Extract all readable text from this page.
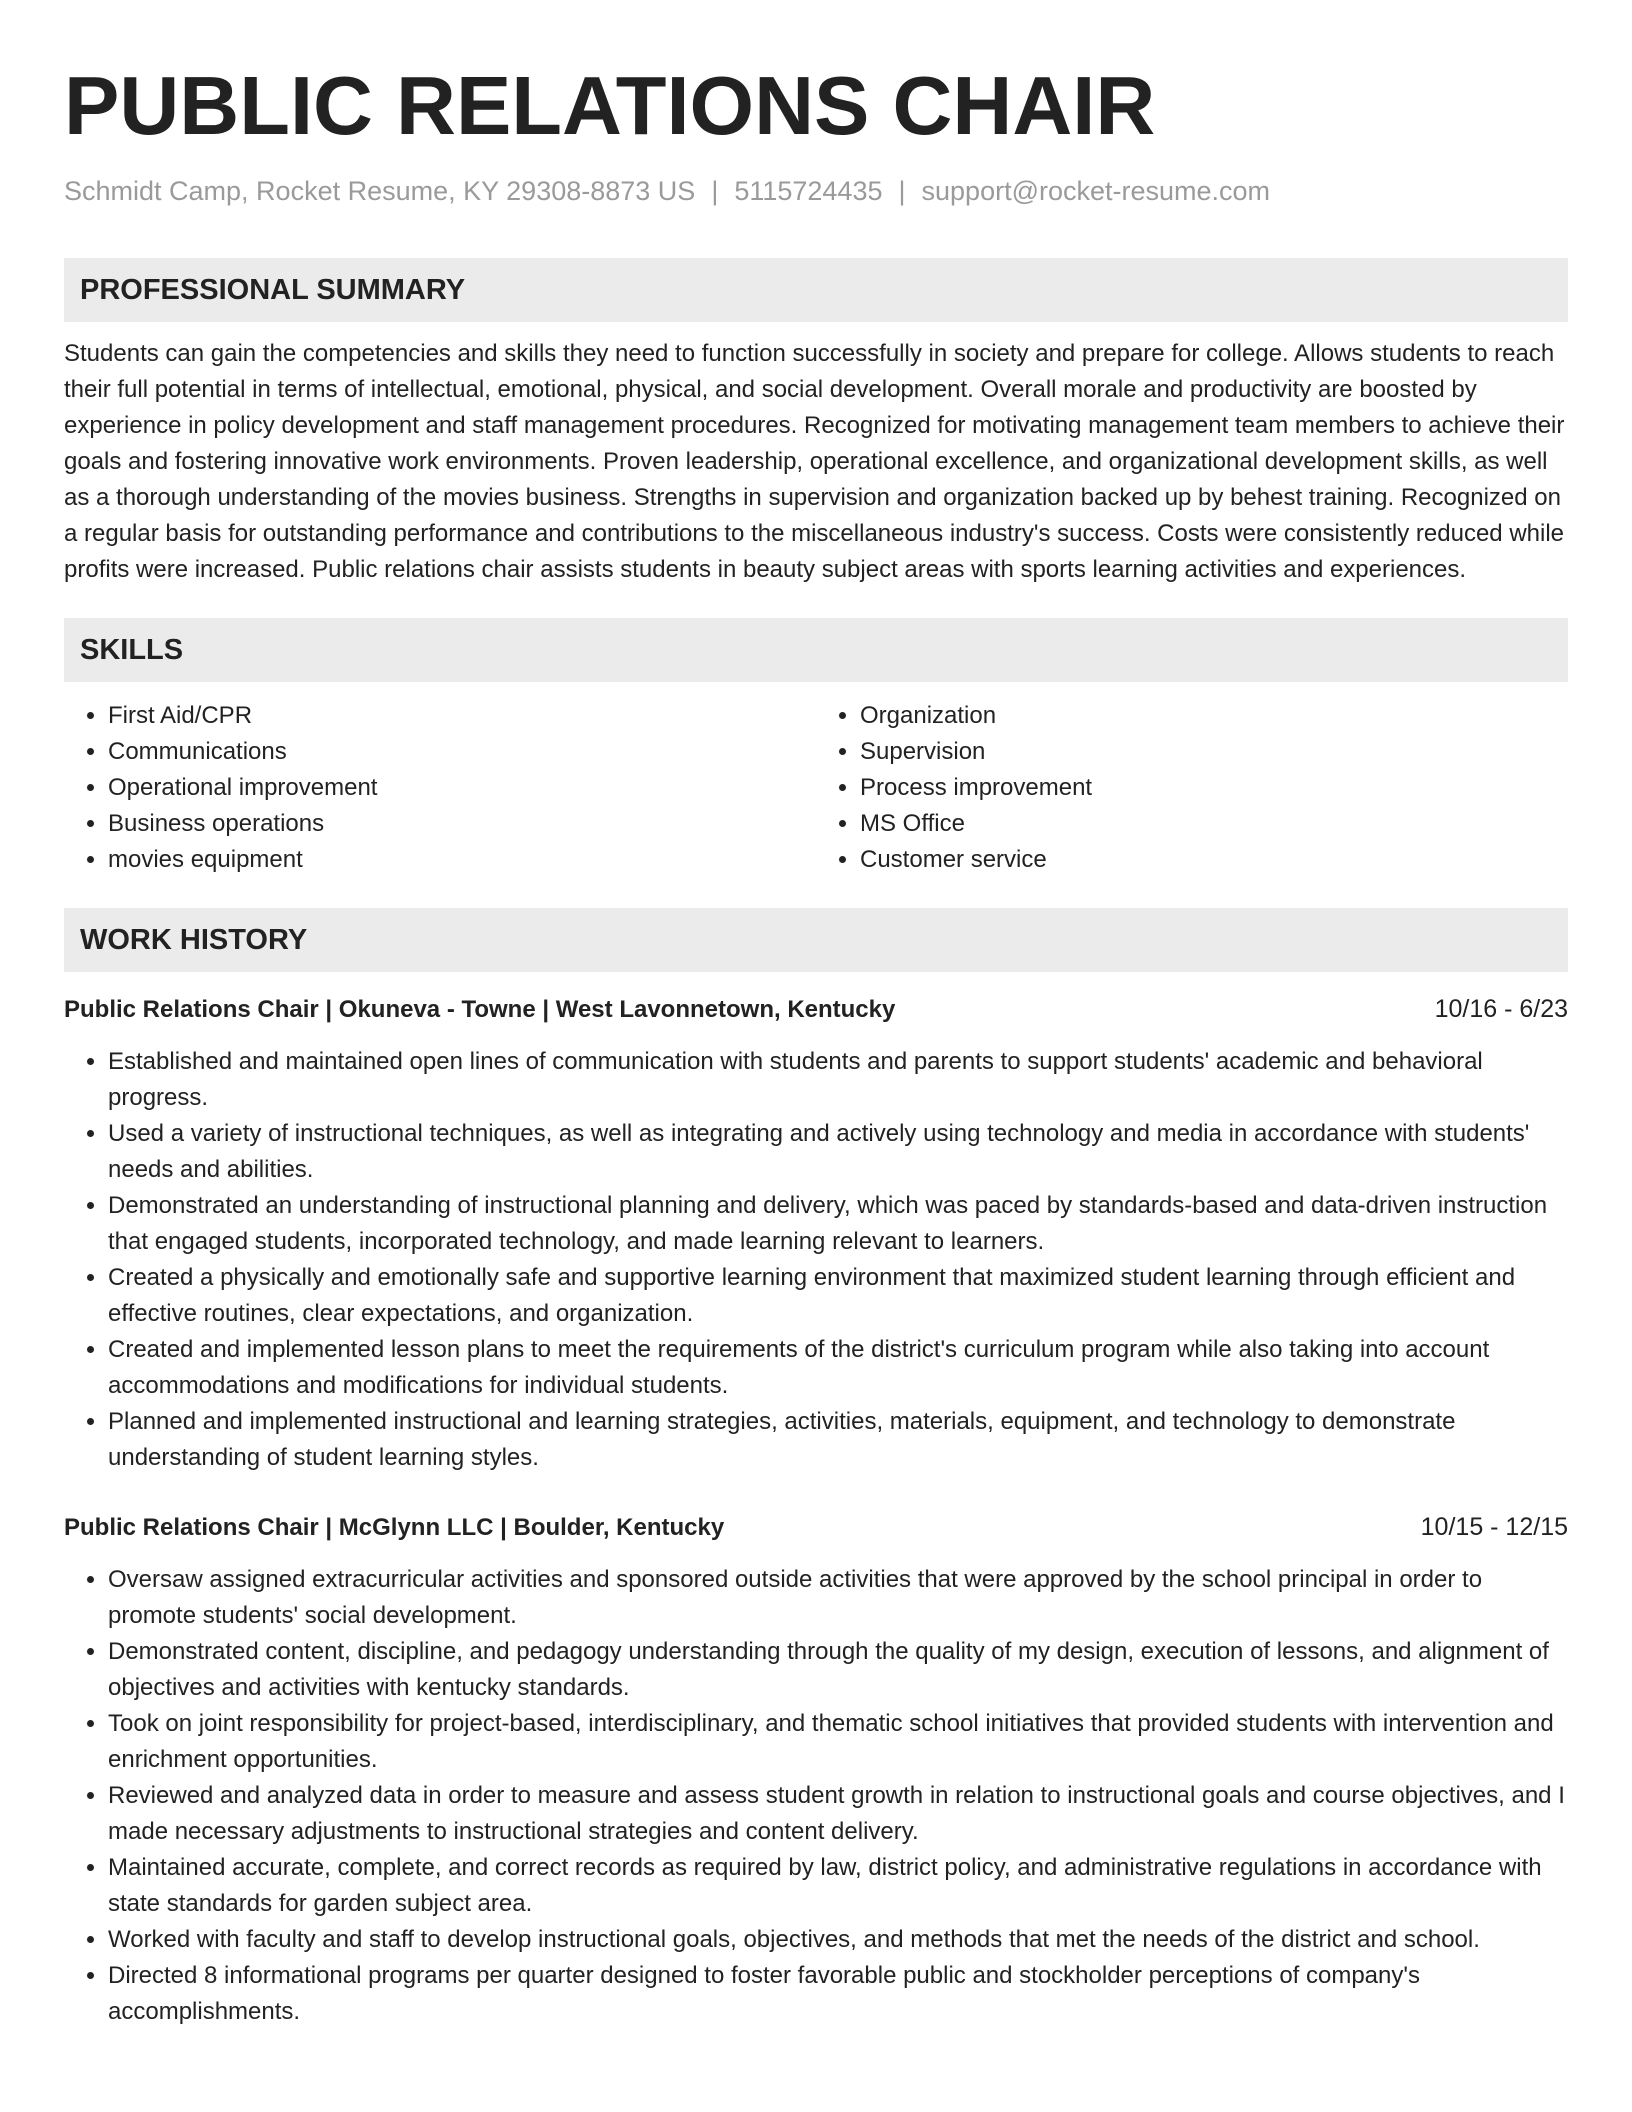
PUBLIC RELATIONS CHAIR
Schmidt Camp, Rocket Resume, KY 29308-8873 US | 5115724435 | support@rocket-resume.com
PROFESSIONAL SUMMARY

Students can gain the competencies and skills they need to function successfully in society and prepare for college. Allows students to reach their full potential in terms of intellectual, emotional, physical, and social development. Overall morale and productivity are boosted by experience in policy development and staff management procedures. Recognized for motivating management team members to achieve their goals and fostering innovative work environments. Proven leadership, operational excellence, and organizational development skills, as well as a thorough understanding of the movies business. Strengths in supervision and organization backed up by behest training. Recognized on a regular basis for outstanding performance and contributions to the miscellaneous industry's success. Costs were consistently reduced while profits were increased. Public relations chair assists students in beauty subject areas with sports learning activities and experiences.

SKILLS
• First Aid/CPR
• Communications
• Operational improvement
• Business operations
• movies equipment
• Organization
• Supervision
• Process improvement
• MS Office
• Customer service
WORK HISTORY
Public Relations Chair | Okuneva - Towne | West Lavonnetown, Kentucky	10/16 - 6/23
• Established and maintained open lines of communication with students and parents to support students' academic and behavioral progress.
• Used a variety of instructional techniques, as well as integrating and actively using technology and media in accordance with students' needs and abilities.
• Demonstrated an understanding of instructional planning and delivery, which was paced by standards-based and data-driven instruction that engaged students, incorporated technology, and made learning relevant to learners.
• Created a physically and emotionally safe and supportive learning environment that maximized student learning through efficient and effective routines, clear expectations, and organization.
• Created and implemented lesson plans to meet the requirements of the district's curriculum program while also taking into account accommodations and modifications for individual students.
• Planned and implemented instructional and learning strategies, activities, materials, equipment, and technology to demonstrate understanding of student learning styles.
Public Relations Chair | McGlynn LLC | Boulder, Kentucky	10/15 - 12/15
• Oversaw assigned extracurricular activities and sponsored outside activities that were approved by the school principal in order to promote students' social development.
• Demonstrated content, discipline, and pedagogy understanding through the quality of my design, execution of lessons, and alignment of objectives and activities with kentucky standards.
• Took on joint responsibility for project-based, interdisciplinary, and thematic school initiatives that provided students with intervention and enrichment opportunities.
• Reviewed and analyzed data in order to measure and assess student growth in relation to instructional goals and course objectives, and I made necessary adjustments to instructional strategies and content delivery.
• Maintained accurate, complete, and correct records as required by law, district policy, and administrative regulations in accordance with state standards for garden subject area.
• Worked with faculty and staff to develop instructional goals, objectives, and methods that met the needs of the district and school.
• Directed 8 informational programs per quarter designed to foster favorable public and stockholder perceptions of company's accomplishments.
